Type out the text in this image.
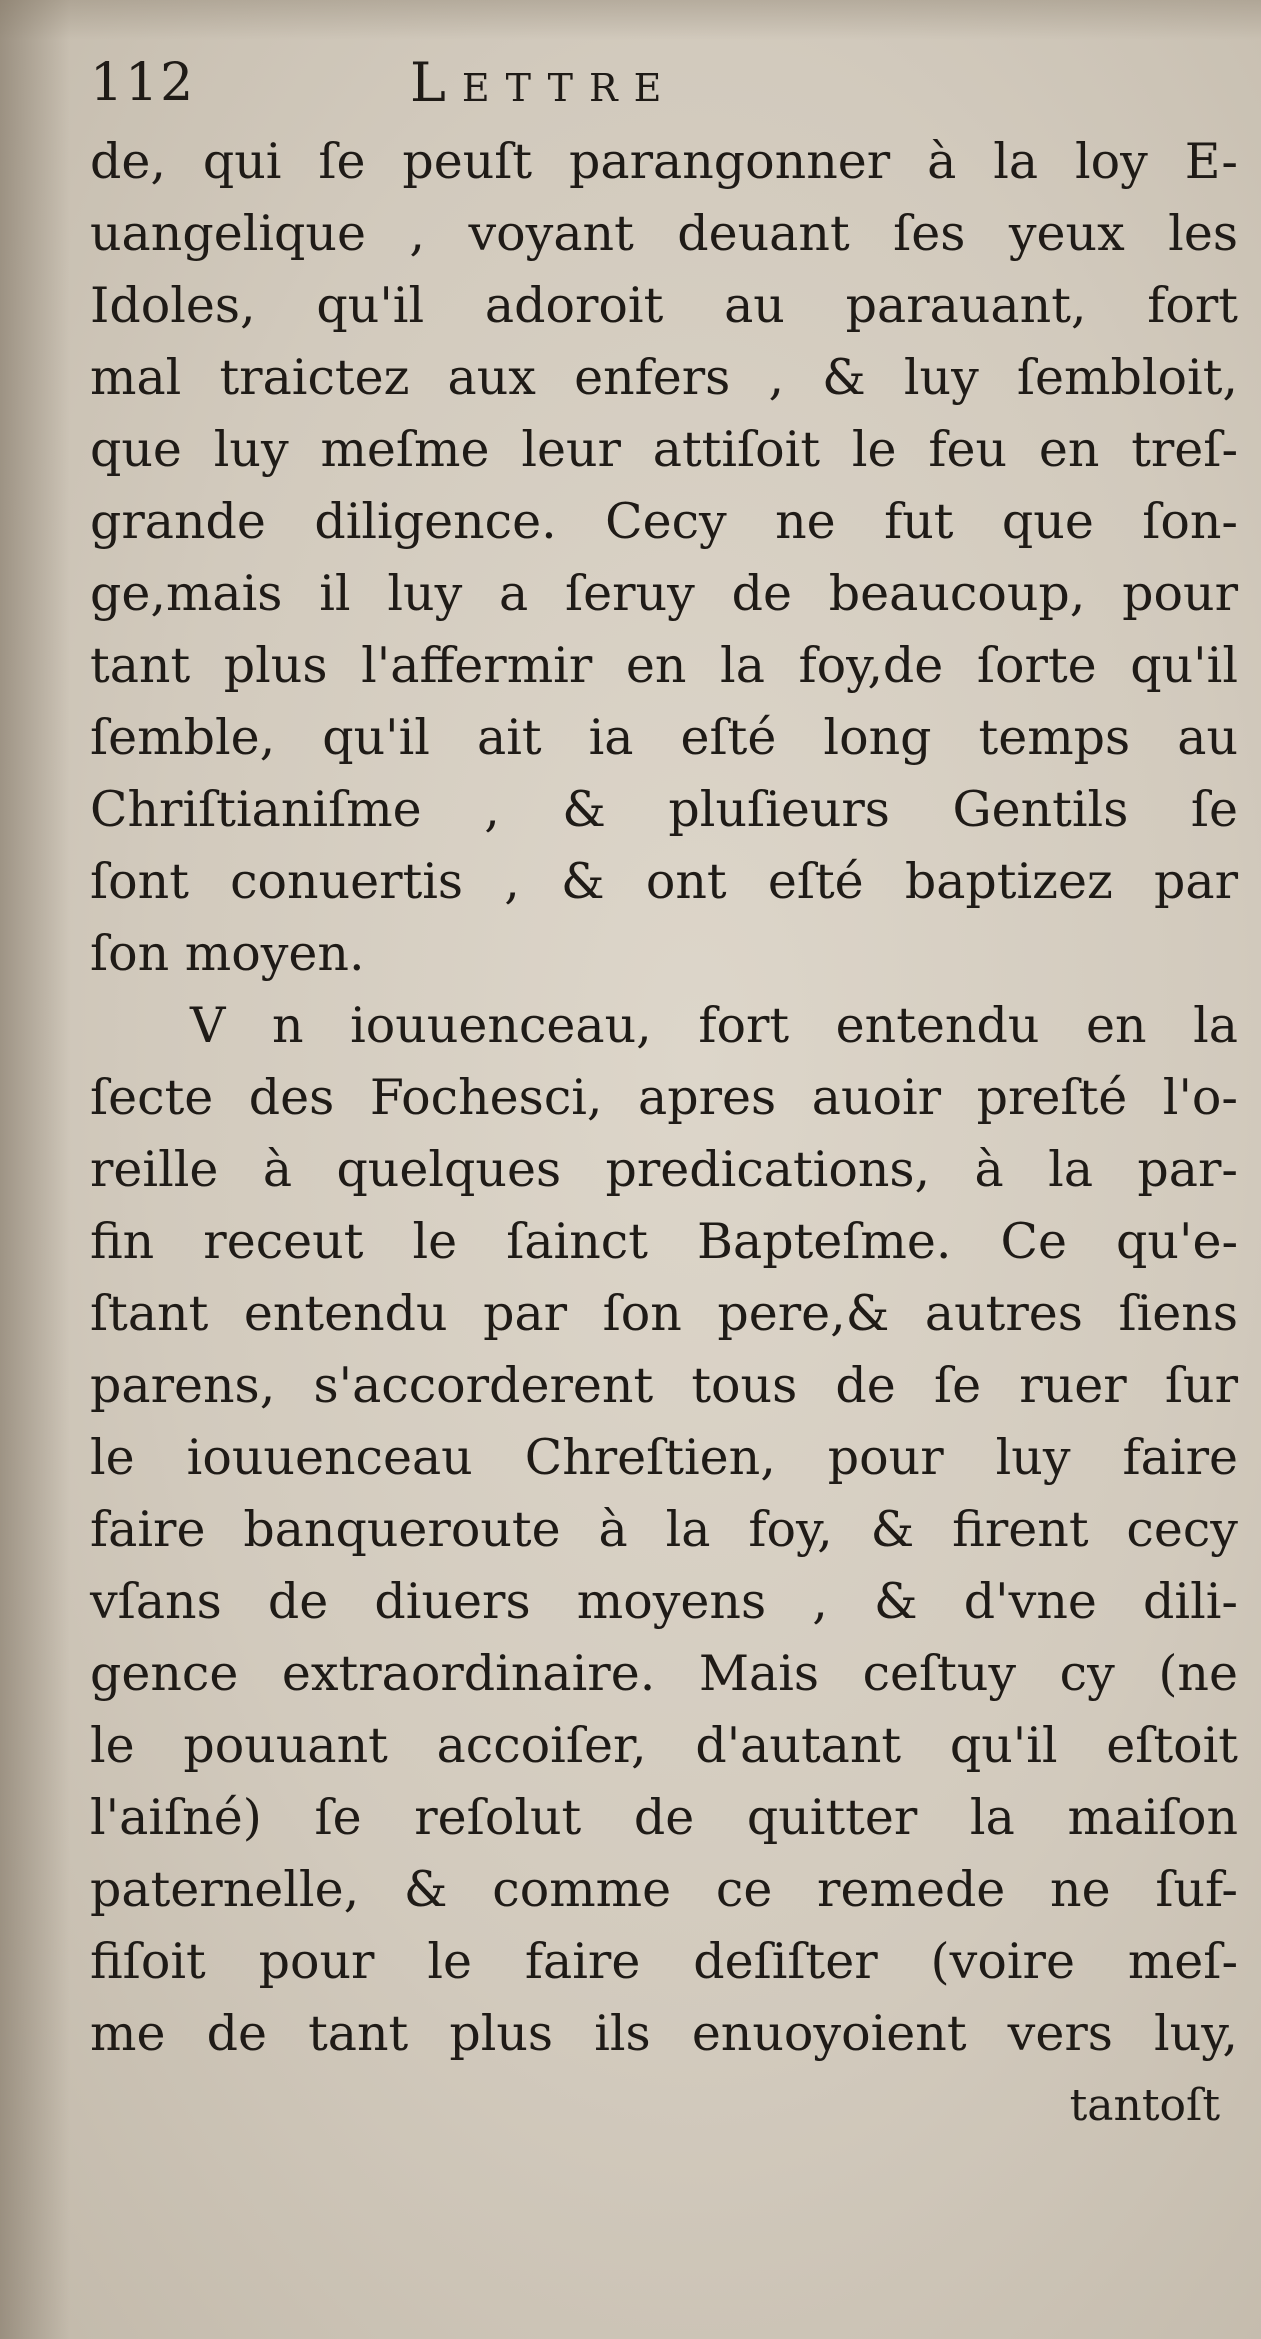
112	Lettre
de, qui ſe peuſt parangonner à la loy E-
uangelique , voyant deuant ſes yeux les
Idoles, qu'il adoroit au parauant, fort
mal traictez aux enfers , & luy ſembloit,
que luy meſme leur attiſoit le feu en treſ-
grande diligence. Cecy ne fut que ſon-
ge,mais il luy a ſeruy de beaucoup, pour
tant plus l'affermir en la foy,de ſorte qu'il
ſemble, qu'il ait ia eſté long temps au
Chriſtianiſme , & pluſieurs Gentils ſe
ſont conuertis , & ont eſté baptizez par
ſon moyen.
V n iouuenceau, fort entendu en la
ſecte des Fochesci, apres auoir preſté l'o-
reille à quelques predications, à la par-
fin receut le ſainct Bapteſme. Ce qu'e-
ſtant entendu par ſon pere,& autres ſiens
parens, s'accorderent tous de ſe ruer ſur
le iouuenceau Chreſtien, pour luy faire
faire banqueroute à la foy, & firent cecy
vſans de diuers moyens , & d'vne dili-
gence extraordinaire. Mais ceſtuy cy (ne
le pouuant accoiſer, d'autant qu'il eſtoit
l'aiſné) ſe reſolut de quitter la maiſon
paternelle, & comme ce remede ne ſuf-
fiſoit pour le faire deſiſter (voire meſ-
me de tant plus ils enuoyoient vers luy,
tantoſt
